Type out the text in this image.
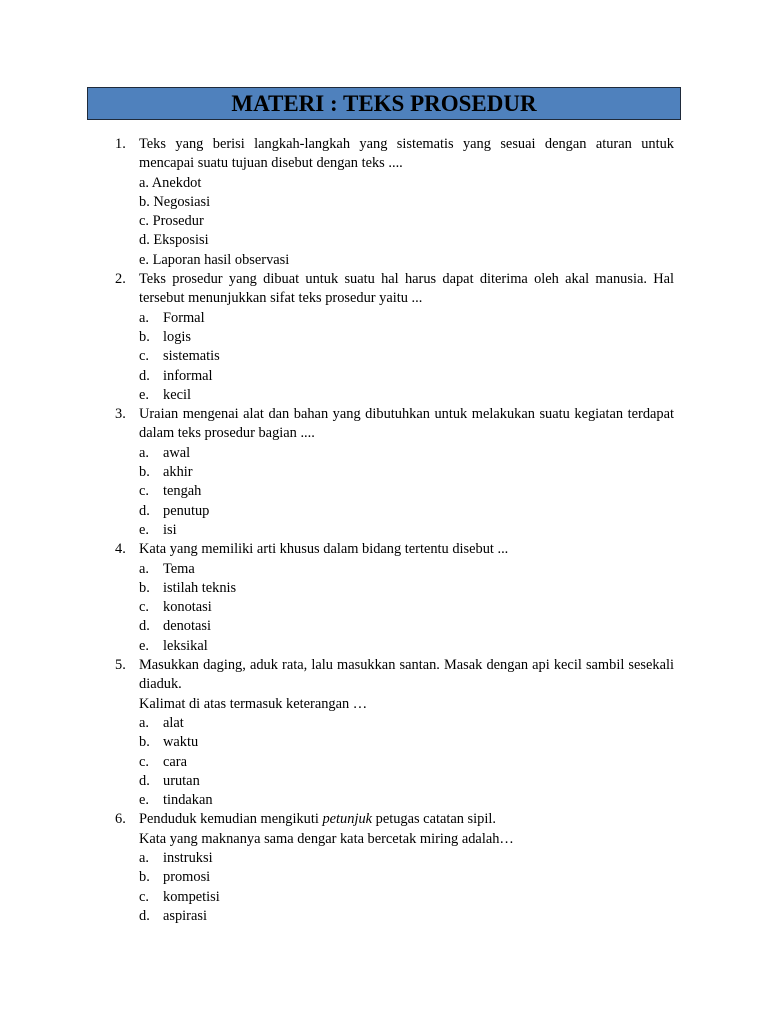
MATERI : TEKS PROSEDUR
1. Teks yang berisi langkah-langkah yang sistematis yang sesuai dengan aturan untuk mencapai suatu tujuan disebut dengan teks ....
a. Anekdot
b. Negosiasi
c. Prosedur
d. Eksposisi
e. Laporan hasil observasi
2. Teks prosedur yang dibuat untuk suatu hal harus dapat diterima oleh akal manusia. Hal tersebut menunjukkan sifat teks prosedur yaitu ...
a. Formal
b. logis
c. sistematis
d. informal
e. kecil
3. Uraian mengenai alat dan bahan yang dibutuhkan untuk melakukan suatu kegiatan terdapat dalam teks prosedur bagian ....
a. awal
b. akhir
c. tengah
d. penutup
e. isi
4. Kata yang memiliki arti khusus dalam bidang tertentu disebut ...
a. Tema
b. istilah teknis
c. konotasi
d. denotasi
e. leksikal
5. Masukkan daging, aduk rata, lalu masukkan santan. Masak dengan api kecil sambil sesekali diaduk.
Kalimat di atas termasuk keterangan …
a. alat
b. waktu
c. cara
d. urutan
e. tindakan
6. Penduduk kemudian mengikuti petunjuk petugas catatan sipil.
Kata yang maknanya sama dengar kata bercetak miring adalah…
a. instruksi
b. promosi
c. kompetisi
d. aspirasi
